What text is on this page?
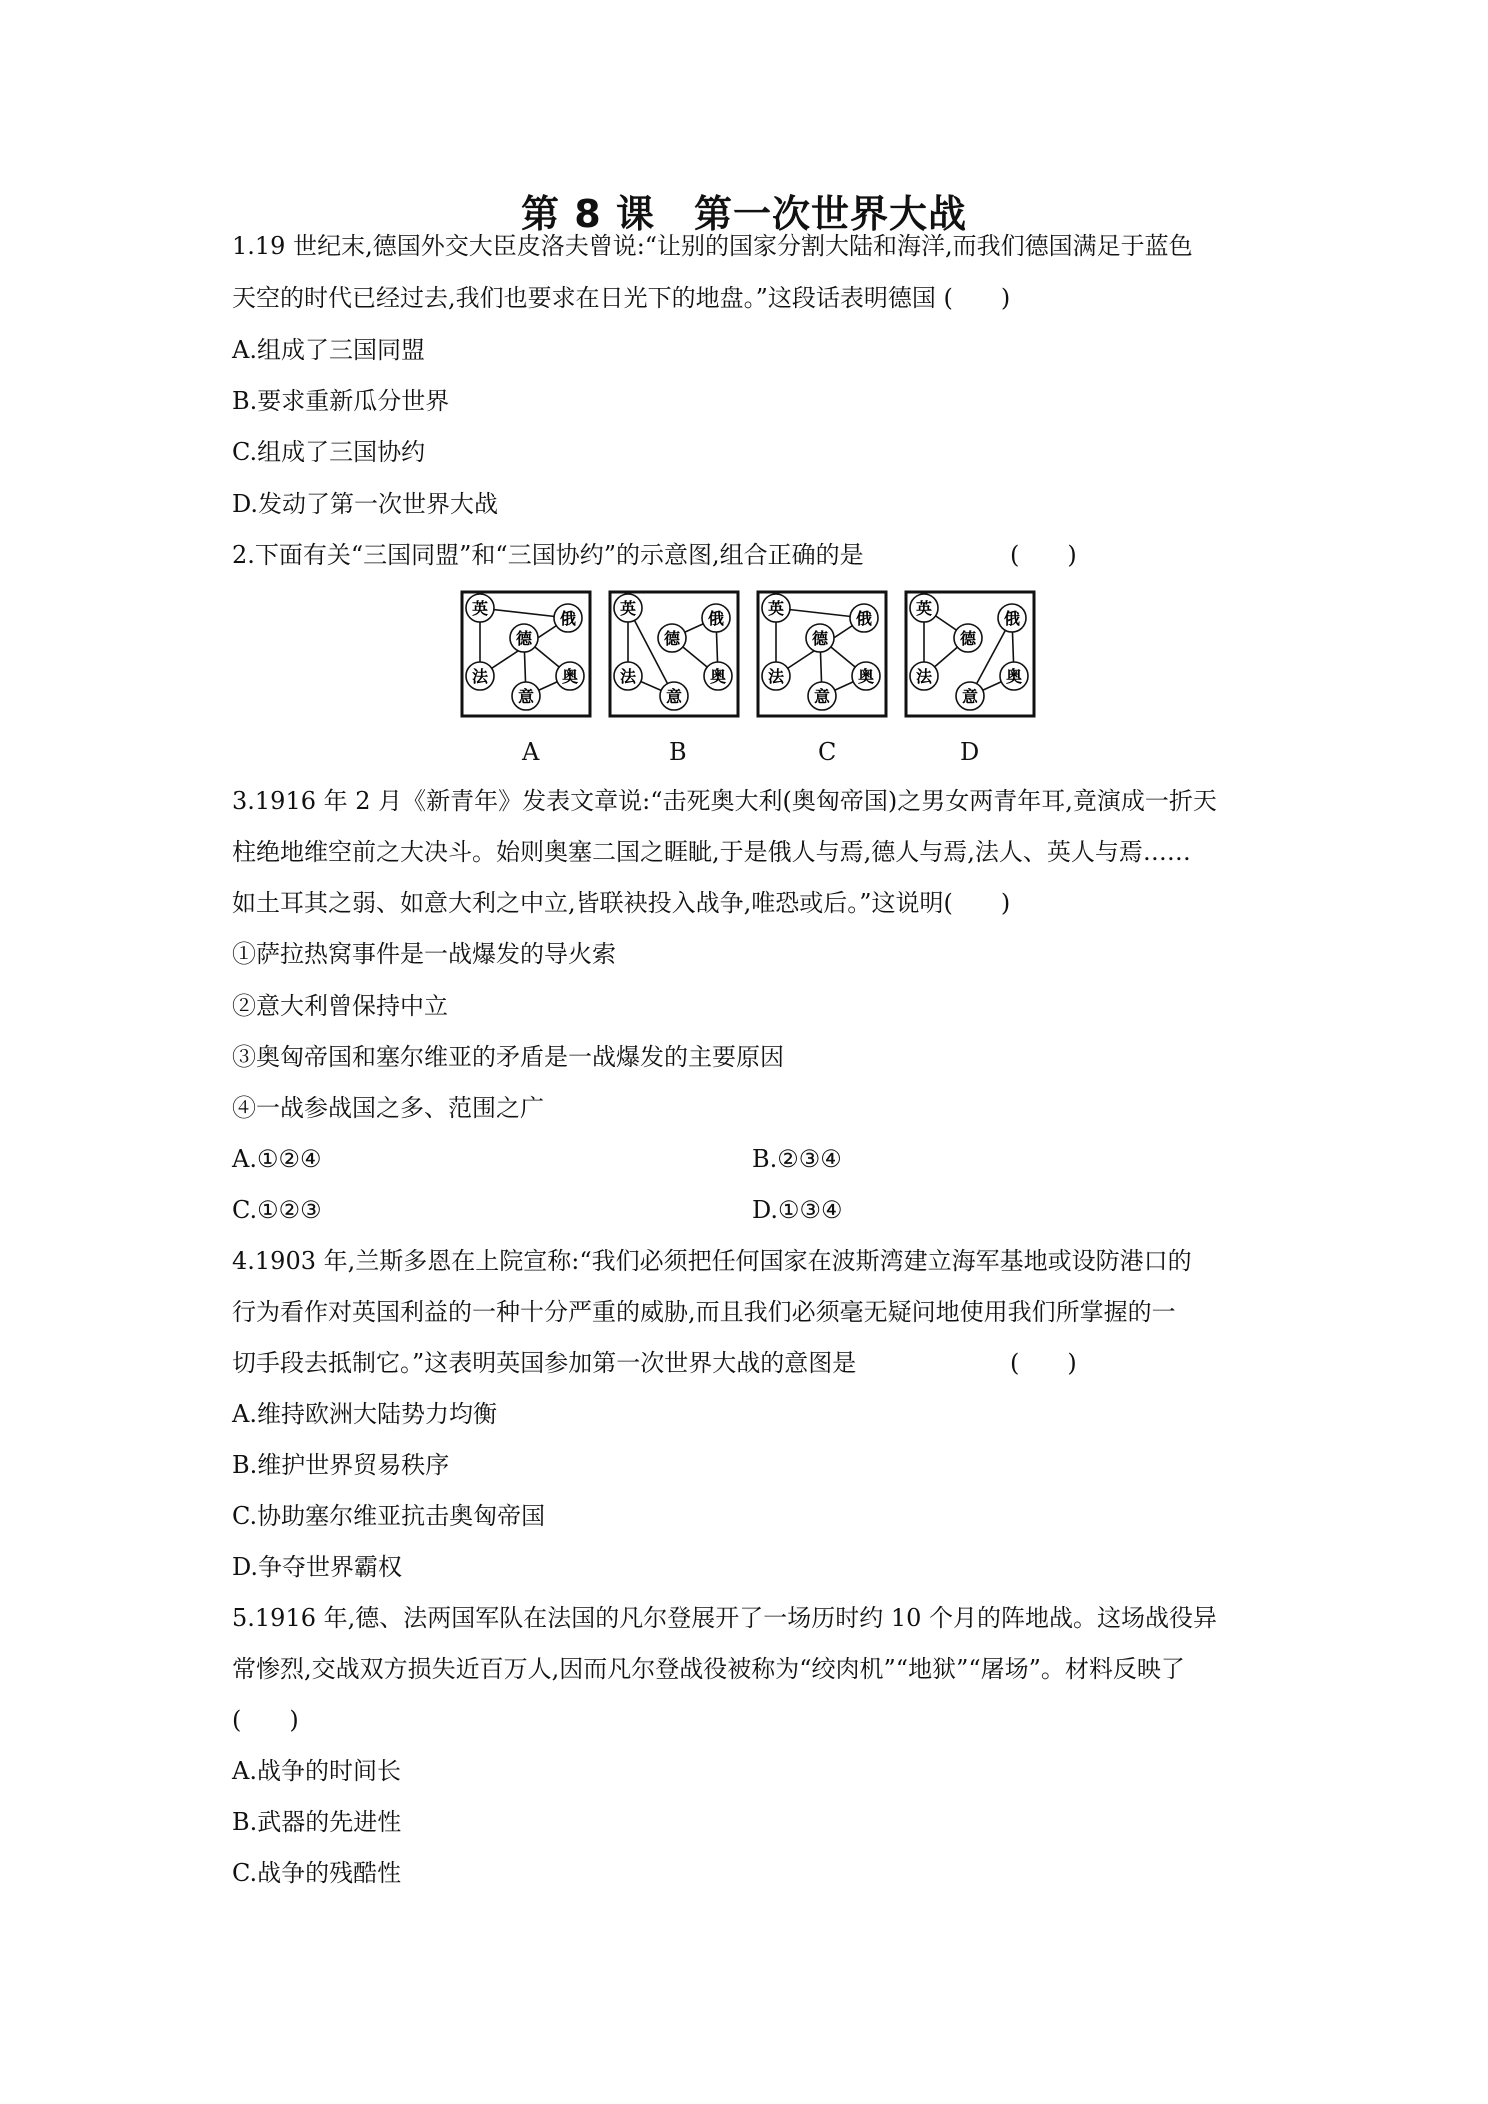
第 8 课　第一次世界大战
1.19 世纪末,德国外交大臣皮洛夫曾说:“让别的国家分割大陆和海洋,而我们德国满足于蓝色
天空的时代已经过去,我们也要求在日光下的地盘。”这段话表明德国 (　　)
A.组成了三国同盟
B.要求重新瓜分世界
C.组成了三国协约
D.发动了第一次世界大战
2.下面有关“三国同盟”和“三国协约”的示意图,组合正确的是	(　　)
英
俄
德
法	奥
意
英
俄
德
法	奥
意
英
俄
德
法	奥
意
英
俄
德
法	奥
意
A	B	C	D
3.1916 年 2 月《新青年》发表文章说:“击死奥大利(奥匈帝国)之男女两青年耳,竟演成一折天
柱绝地维空前之大决斗。始则奥塞二国之睚眦,于是俄人与焉,德人与焉,法人、英人与焉……
如土耳其之弱、如意大利之中立,皆联袂投入战争,唯恐或后。”这说明(　　)
①萨拉热窝事件是一战爆发的导火索
②意大利曾保持中立
③奥匈帝国和塞尔维亚的矛盾是一战爆发的主要原因
④一战参战国之多、范围之广
A.①②④	B.②③④
C.①②③	D.①③④
4.1903 年,兰斯多恩在上院宣称:“我们必须把任何国家在波斯湾建立海军基地或设防港口的
行为看作对英国利益的一种十分严重的威胁,而且我们必须毫无疑问地使用我们所掌握的一
切手段去抵制它。”这表明英国参加第一次世界大战的意图是	(　　)
A.维持欧洲大陆势力均衡
B.维护世界贸易秩序
C.协助塞尔维亚抗击奥匈帝国
D.争夺世界霸权
5.1916 年,德、法两国军队在法国的凡尔登展开了一场历时约 10 个月的阵地战。这场战役异
常惨烈,交战双方损失近百万人,因而凡尔登战役被称为“绞肉机”“地狱”“屠场”。材料反映了
(　　)
A.战争的时间长
B.武器的先进性
C.战争的残酷性
